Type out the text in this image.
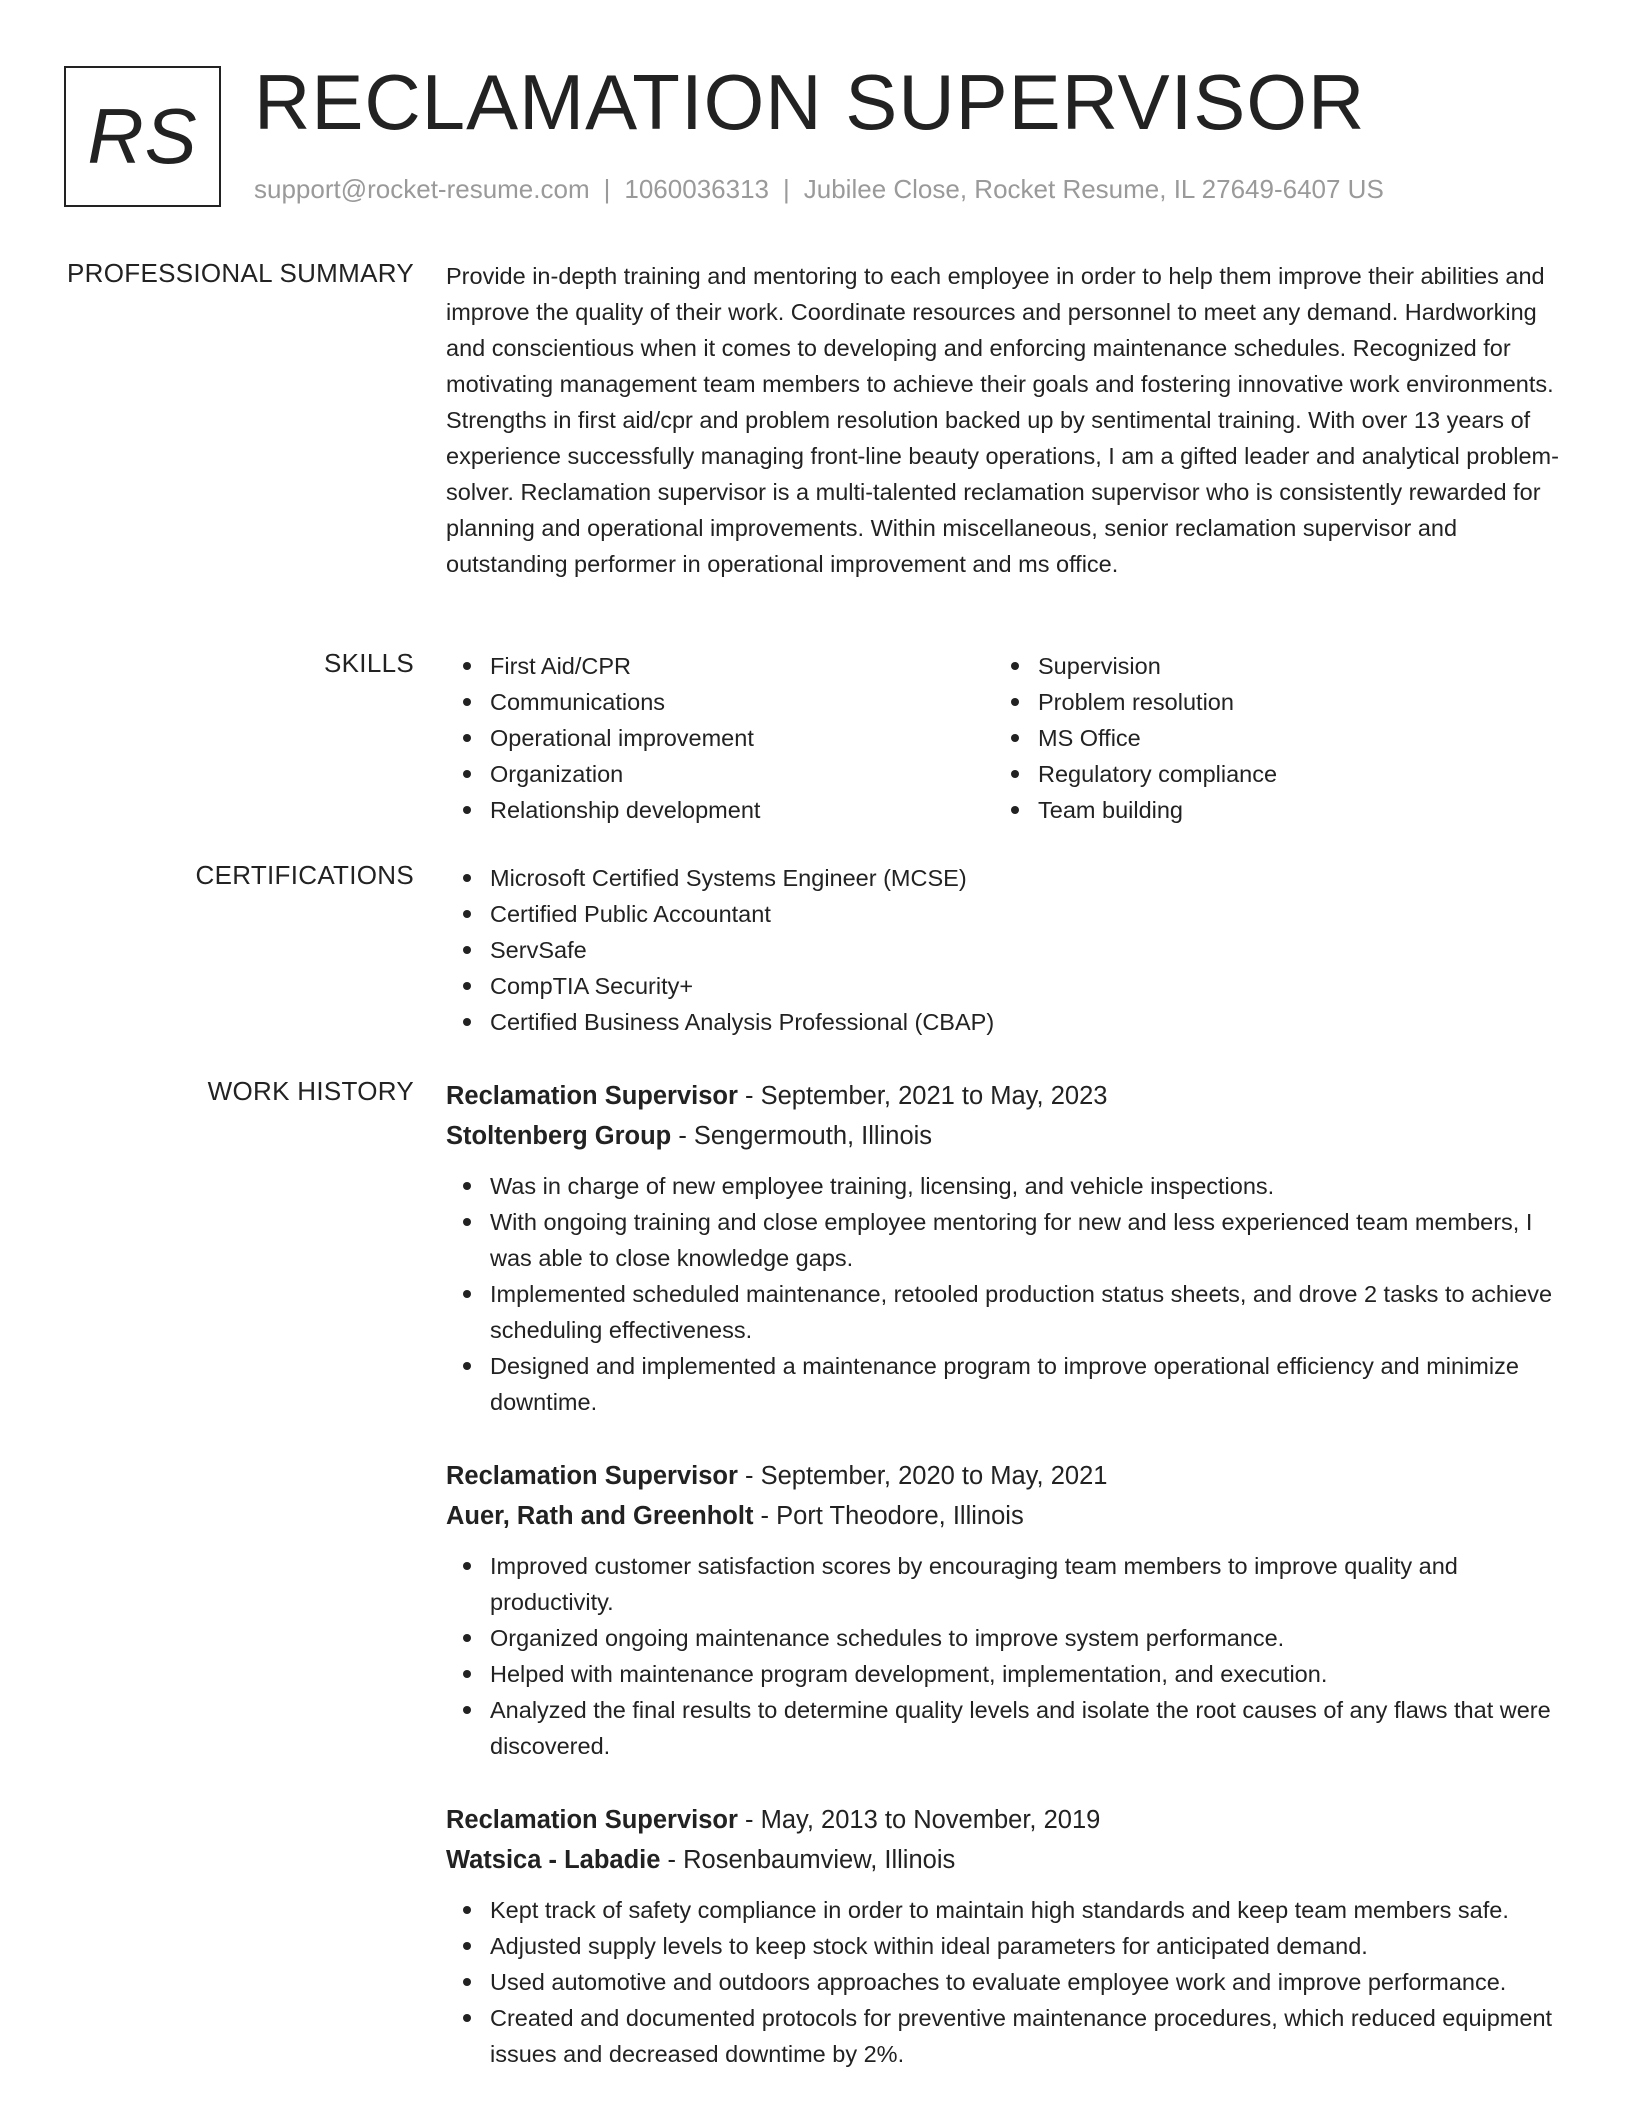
RS RECLAMATION SUPERVISOR
support@rocket-resume.com | 1060036313 | Jubilee Close, Rocket Resume, IL 27649-6407 US
PROFESSIONAL SUMMARY Provide in-depth training and mentoring to each employee in order to help them improve their abilities and improve the quality of their work. Coordinate resources and personnel to meet any demand. Hardworking and conscientious when it comes to developing and enforcing maintenance schedules. Recognized for motivating management team members to achieve their goals and fostering innovative work environments. Strengths in first aid/cpr and problem resolution backed up by sentimental training. With over 13 years of experience successfully managing front-line beauty operations, I am a gifted leader and analytical problem-solver. Reclamation supervisor is a multi-talented reclamation supervisor who is consistently rewarded for planning and operational improvements. Within miscellaneous, senior reclamation supervisor and outstanding performer in operational improvement and ms office.

SKILLS	First Aid/CPR
Communications
Operational improvement
Organization
Relationship development
Supervision
Problem resolution
MS Office
Regulatory compliance
Team building
CERTIFICATIONS	Microsoft Certified Systems Engineer (MCSE)
Certified Public Accountant
ServSafe
CompTIA Security+
Certified Business Analysis Professional (CBAP)
WORK HISTORY Reclamation Supervisor - September, 2021 to May, 2023
Stoltenberg Group - Sengermouth, Illinois
Was in charge of new employee training, licensing, and vehicle inspections.
With ongoing training and close employee mentoring for new and less experienced team members, I was able to close knowledge gaps.
Implemented scheduled maintenance, retooled production status sheets, and drove 2 tasks to achieve scheduling effectiveness.
Designed and implemented a maintenance program to improve operational efficiency and minimize downtime.
Reclamation Supervisor - September, 2020 to May, 2021
Auer, Rath and Greenholt - Port Theodore, Illinois
Improved customer satisfaction scores by encouraging team members to improve quality and productivity.
Organized ongoing maintenance schedules to improve system performance.
Helped with maintenance program development, implementation, and execution.
Analyzed the final results to determine quality levels and isolate the root causes of any flaws that were discovered.
Reclamation Supervisor - May, 2013 to November, 2019
Watsica - Labadie - Rosenbaumview, Illinois
Kept track of safety compliance in order to maintain high standards and keep team members safe.
Adjusted supply levels to keep stock within ideal parameters for anticipated demand.
Used automotive and outdoors approaches to evaluate employee work and improve performance.
Created and documented protocols for preventive maintenance procedures, which reduced equipment issues and decreased downtime by 2%.
